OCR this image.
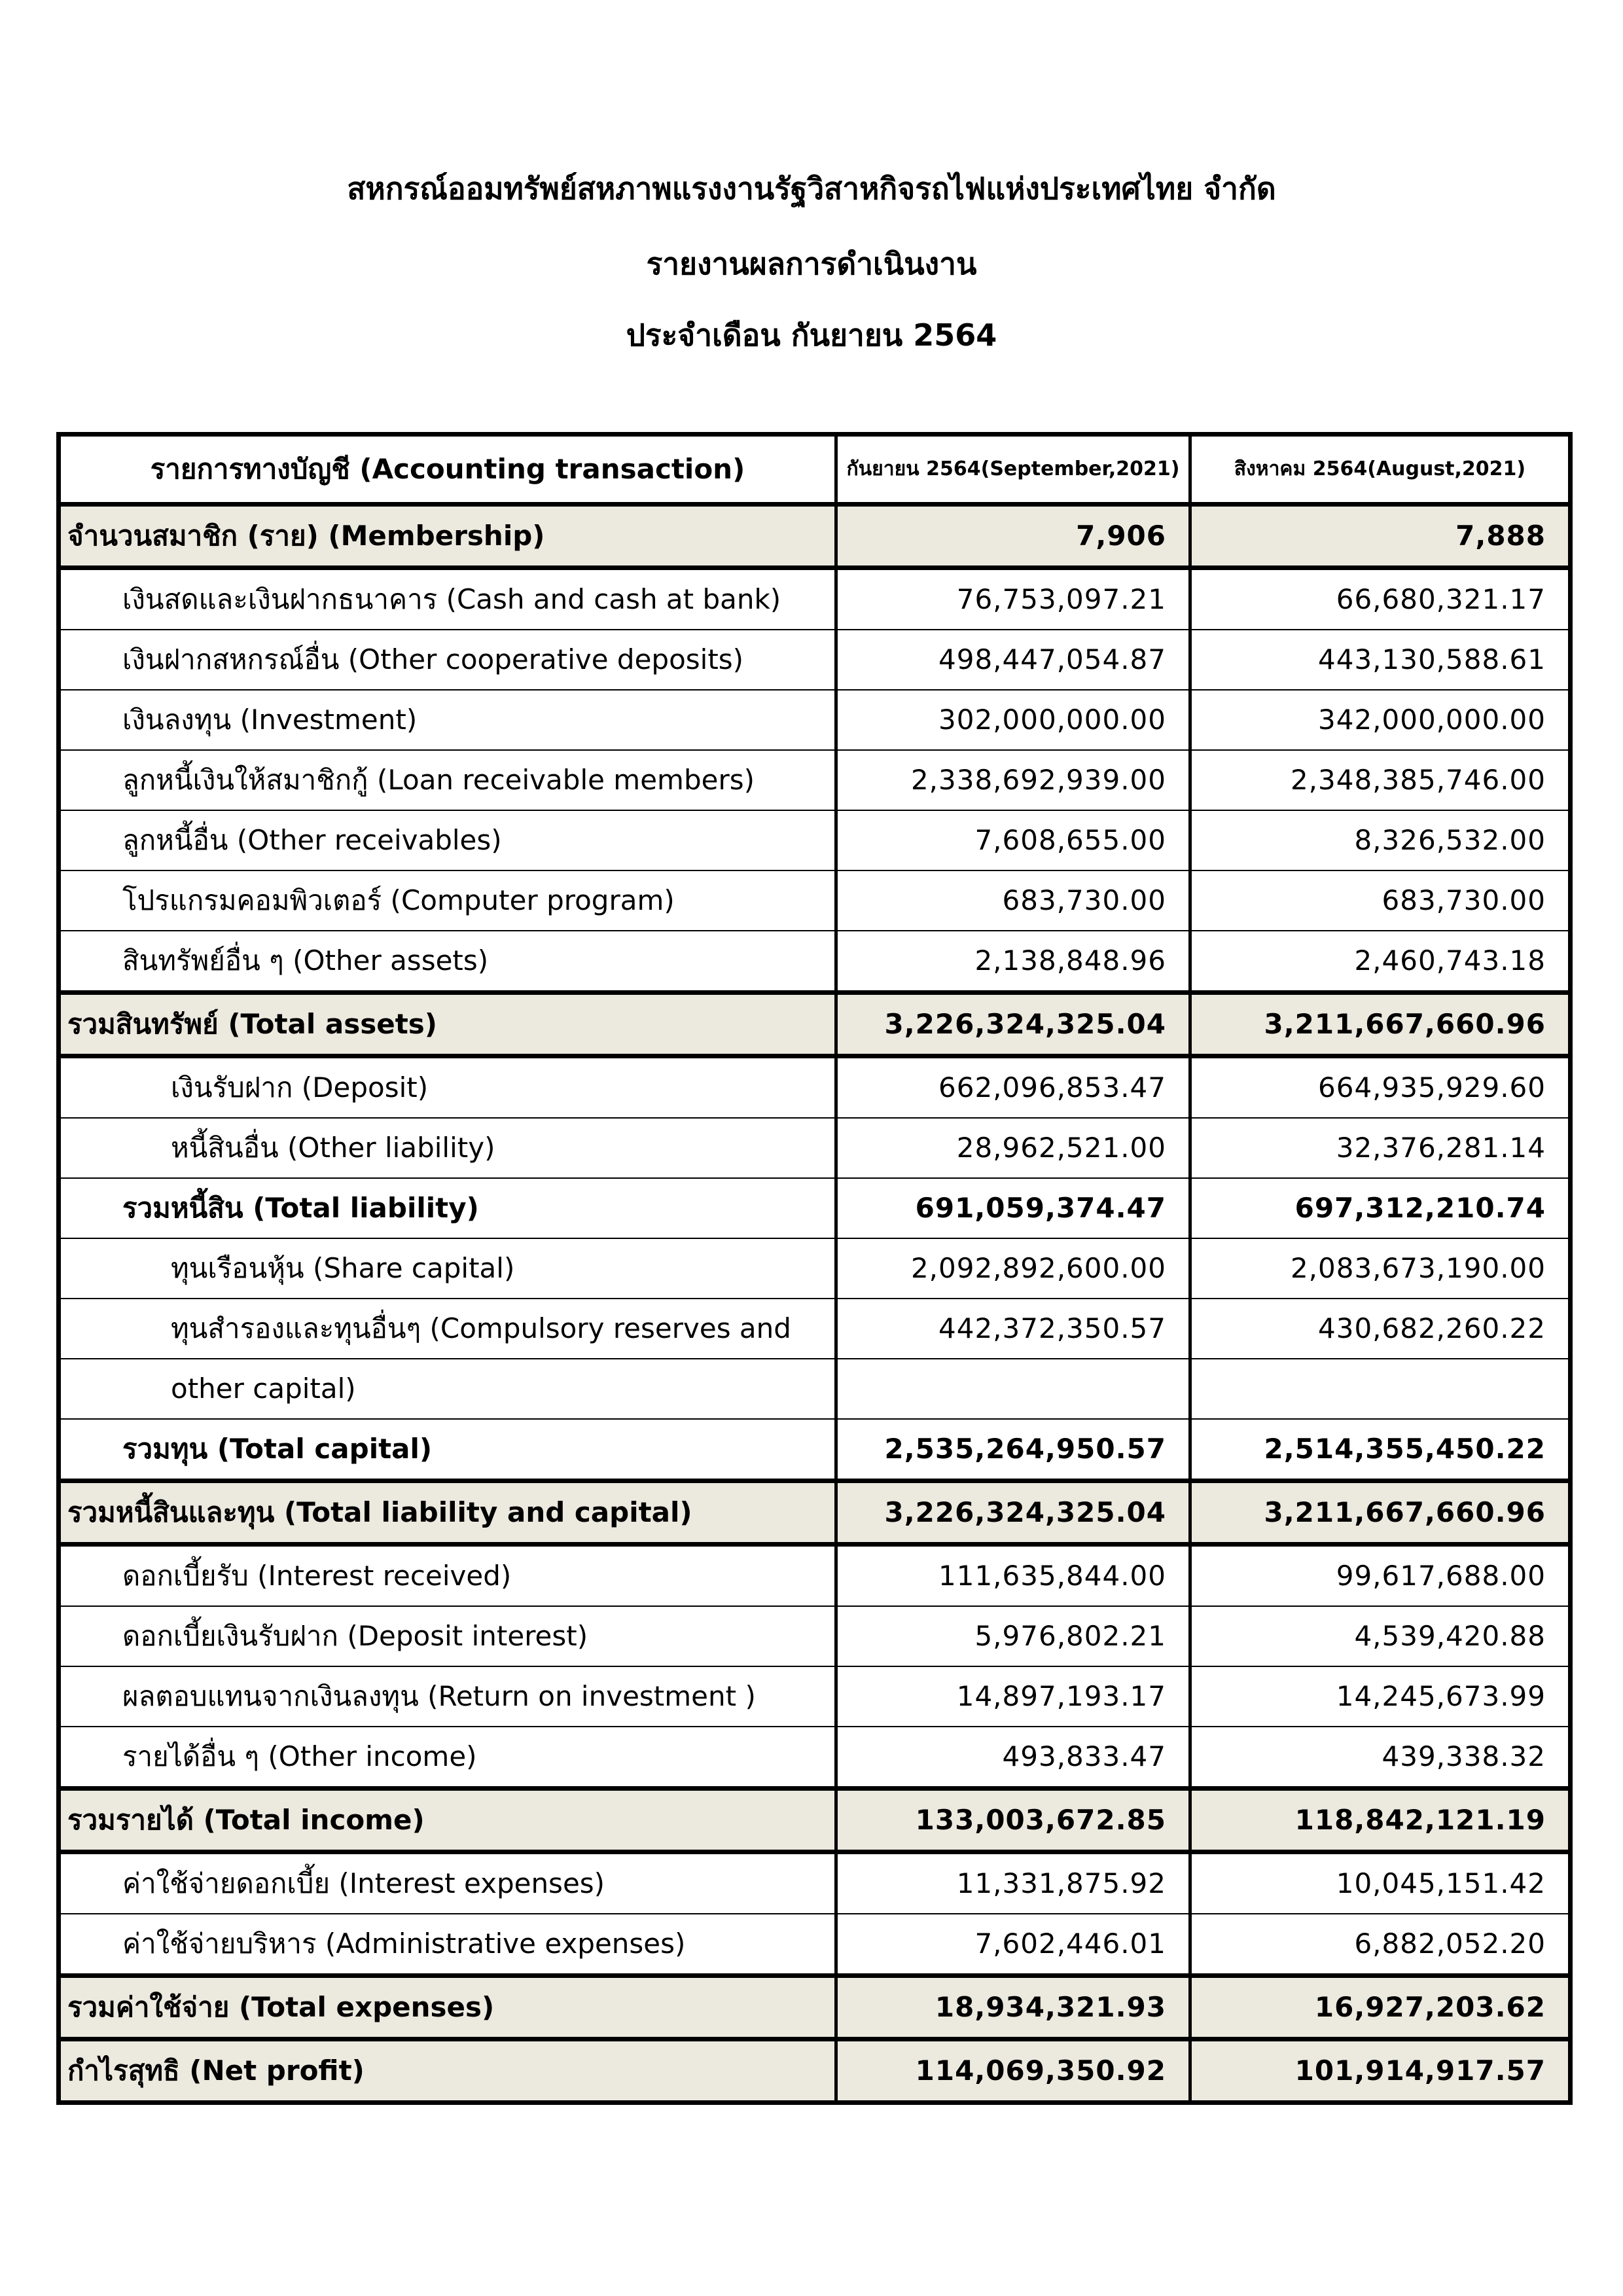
สหกรณ์ออมทรัพย์สหภาพแรงงานรัฐวิสาหกิจรถไฟแห่งประเทศไทย จำกัด
รายงานผลการดำเนินงาน
ประจำเดือน กันยายน 2564
รายการทางบัญชี (Accounting transaction)	กันยายน 2564(September,2021)	สิงหาคม 2564(August,2021)
จำนวนสมาชิก (ราย) (Membership)	7,906	7,888
เงินสดและเงินฝากธนาคาร (Cash and cash at bank)	76,753,097.21	66,680,321.17
เงินฝากสหกรณ์อื่น (Other cooperative deposits)	498,447,054.87	443,130,588.61
เงินลงทุน (Investment)	302,000,000.00	342,000,000.00
ลูกหนี้เงินให้สมาชิกกู้ (Loan receivable members)	2,338,692,939.00	2,348,385,746.00
ลูกหนี้อื่น (Other receivables)	7,608,655.00	8,326,532.00
โปรแกรมคอมพิวเตอร์ (Computer program)	683,730.00	683,730.00
สินทรัพย์อื่น ๆ (Other assets)	2,138,848.96	2,460,743.18
รวมสินทรัพย์ (Total assets)	3,226,324,325.04	3,211,667,660.96
เงินรับฝาก (Deposit)	662,096,853.47	664,935,929.60
หนี้สินอื่น (Other liability)	28,962,521.00	32,376,281.14
รวมหนี้สิน (Total liability)	691,059,374.47	697,312,210.74
ทุนเรือนหุ้น (Share capital)	2,092,892,600.00	2,083,673,190.00
ทุนสำรองและทุนอื่นๆ (Compulsory reserves and	442,372,350.57	430,682,260.22
other capital)		
รวมทุน (Total capital)	2,535,264,950.57	2,514,355,450.22
รวมหนี้สินและทุน (Total liability and capital)	3,226,324,325.04	3,211,667,660.96
ดอกเบี้ยรับ (Interest received)	111,635,844.00	99,617,688.00
ดอกเบี้ยเงินรับฝาก (Deposit interest)	5,976,802.21	4,539,420.88
ผลตอบแทนจากเงินลงทุน (Return on investment )	14,897,193.17	14,245,673.99
รายได้อื่น ๆ (Other income)	493,833.47	439,338.32
รวมรายได้ (Total income)	133,003,672.85	118,842,121.19
ค่าใช้จ่ายดอกเบี้ย (Interest expenses)	11,331,875.92	10,045,151.42
ค่าใช้จ่ายบริหาร (Administrative expenses)	7,602,446.01	6,882,052.20
รวมค่าใช้จ่าย (Total expenses)	18,934,321.93	16,927,203.62
กำไรสุทธิ (Net profit)	114,069,350.92	101,914,917.57
